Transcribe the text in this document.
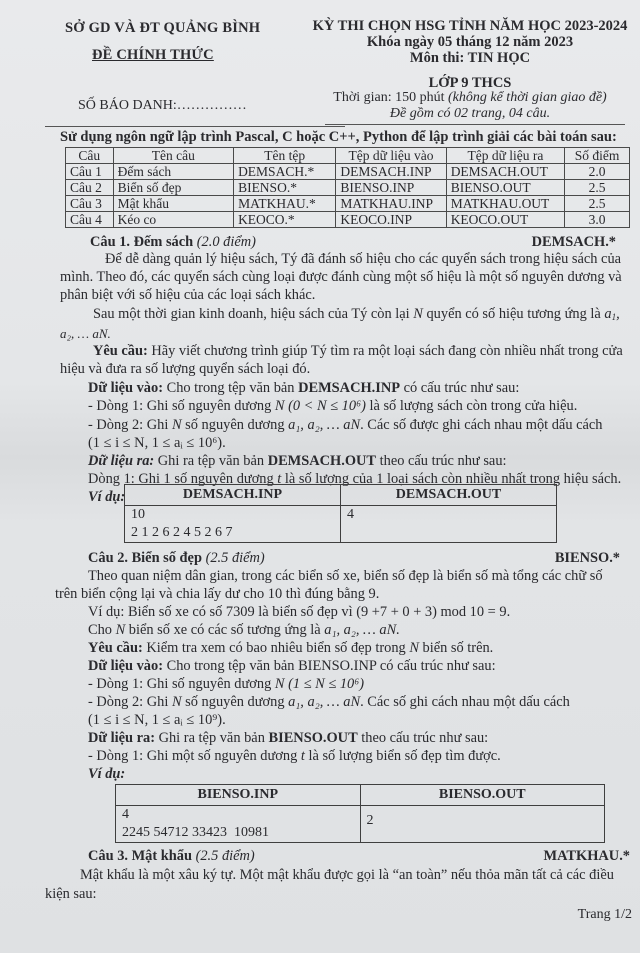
SỞ GD VÀ ĐT QUẢNG BÌNH
ĐỀ CHÍNH THỨC
SỐ BÁO DANH:……………
KỲ THI CHỌN HSG TỈNH NĂM HỌC 2023-2024
Khóa ngày 05 tháng 12 năm 2023
Môn thi: TIN HỌC
LỚP 9 THCS
Thời gian: 150 phút (không kể thời gian giao đề)
Đề gồm có 02 trang, 04 câu.
Sử dụng ngôn ngữ lập trình Pascal, C hoặc C++, Python để lập trình giải các bài toán sau:
Câu	Tên câu	Tên tệp	Tệp dữ liệu vào	Tệp dữ liệu ra	Số điểm
Câu 1	Đếm sách	DEMSACH.*	DEMSACH.INP	DEMSACH.OUT	2.0
Câu 2	Biển số đẹp	BIENSO.*	BIENSO.INP	BIENSO.OUT	2.5
Câu 3	Mật khẩu	MATKHAU.*	MATKHAU.INP	MATKHAU.OUT	2.5
Câu 4	Kéo co	KEOCO.*	KEOCO.INP	KEOCO.OUT	3.0
Câu 1. Đếm sách (2.0 điểm)	DEMSACH.*
Để dễ dàng quản lý hiệu sách, Tý đã đánh số hiệu cho các quyển sách trong hiệu sách của
mình. Theo đó, các quyển sách cùng loại được đánh cùng một số hiệu là một số nguyên dương và
phân biệt với số hiệu của các loại sách khác.
Sau một thời gian kinh doanh, hiệu sách của Tý còn lại N quyển có số hiệu tương ứng là $a_1$,
a₂, … aN.
Yêu cầu: Hãy viết chương trình giúp Tý tìm ra một loại sách đang còn nhiều nhất trong cửa
hiệu và đưa ra số lượng quyển sách loại đó.
Dữ liệu vào: Cho trong tệp văn bản DEMSACH.INP có cấu trúc như sau:
- Dòng 1: Ghi số nguyên dương N (0 < N ≤ 10⁶) là số lượng sách còn trong cửa hiệu.
- Dòng 2: Ghi N số nguyên dương a₁, a₂, … aN. Các số được ghi cách nhau một dấu cách
(1 ≤ i ≤ N, 1 ≤ aᵢ ≤ 10⁶).
Dữ liệu ra: Ghi ra tệp văn bản DEMSACH.OUT theo cấu trúc như sau:
Dòng 1: Ghi 1 số nguyên dương t là số lượng của 1 loại sách còn nhiều nhất trong hiệu sách.
Ví dụ:	DEMSACH.INP	DEMSACH.OUT

10
2 1 2 6 2 4 5 2 6 7	4
Câu 2. Biển số đẹp (2.5 điểm)	BIENSO.*
Theo quan niệm dân gian, trong các biển số xe, biển số đẹp là biển số mà tổng các chữ số
trên biển cộng lại và chia lấy dư cho 10 thì đúng bằng 9.
Ví dụ: Biển số xe có số 7309 là biển số đẹp vì (9 +7 + 0 + 3) mod 10 = 9.
Cho N biển số xe có các số tương ứng là a₁, a₂, … aN.
Yêu cầu: Kiểm tra xem có bao nhiêu biển số đẹp trong N biển số trên.
Dữ liệu vào: Cho trong tệp văn bản BIENSO.INP có cấu trúc như sau:
- Dòng 1: Ghi số nguyên dương N (1 ≤ N ≤ 10⁶)
- Dòng 2: Ghi N số nguyên dương a₁, a₂, … aN. Các số ghi cách nhau một dấu cách
(1 ≤ i ≤ N, 1 ≤ aᵢ ≤ 10⁹).
Dữ liệu ra: Ghi ra tệp văn bản BIENSO.OUT theo cấu trúc như sau:
- Dòng 1: Ghi một số nguyên dương t là số lượng biển số đẹp tìm được.
Ví dụ:
BIENSO.INP	BIENSO.OUT

4
2245 54712 33423  10981	2
Câu 3. Mật khẩu (2.5 điểm)	MATKHAU.*
Mật khẩu là một xâu ký tự. Một mật khẩu được gọi là “an toàn” nếu thỏa mãn tất cả các điều
kiện sau:
Trang 1/2
